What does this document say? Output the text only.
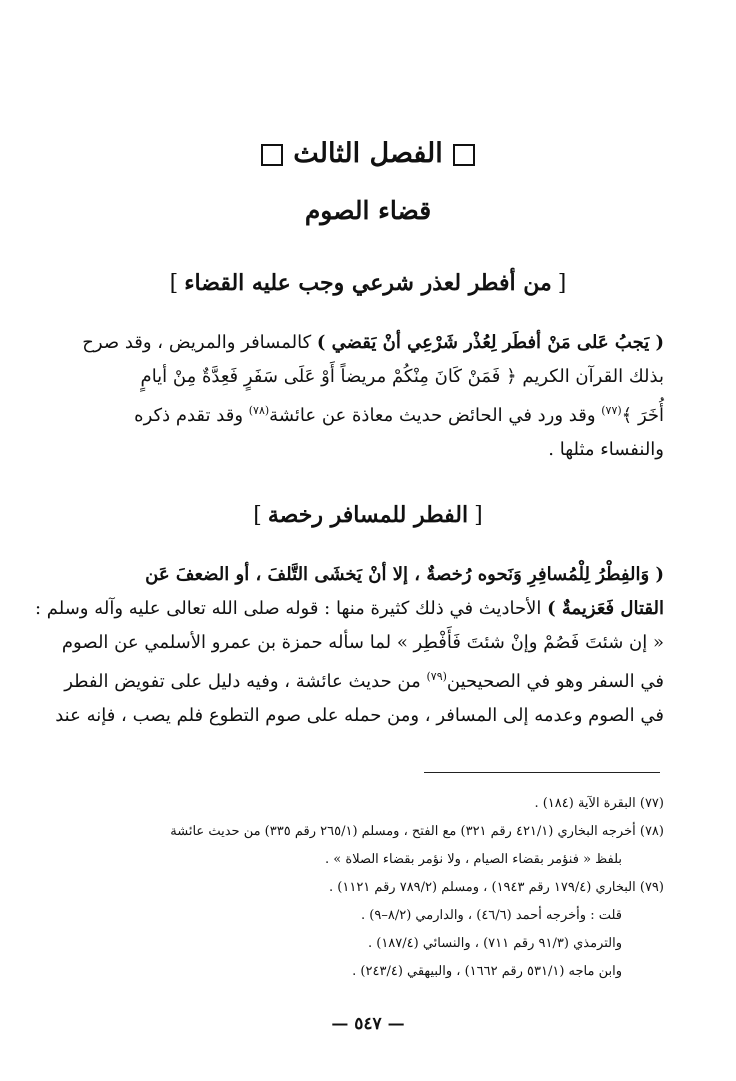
الفصل الثالث
قضاء الصوم
[من أفطر لعذر شرعي وجب عليه القضاء]
( يَجبُ عَلى مَنْ أفطَر لِعُذْر شَرْعِي أنْ يَقضي ) كالمسافر والمريض ، وقد صرح
بذلك القرآن الكريم ﴿ فَمَنْ كَانَ مِنْكُمْ مريضاً أَوْ عَلَى سَفَرٍ فَعِدَّةٌ مِنْ أيامٍ
أُخَرَ ﴾$^{(٧٧)}$ وقد ورد في الحائض حديث معاذة عن عائشة$^{(٧٨)}$ وقد تقدم ذكره
والنفساء مثلها .
[الفطر للمسافر رخصة]
( وَالفِطْرُ لِلْمُسافِرِ وَنَحوه رُخصةٌ ، إلا أنْ يَخشَى التَّلفَ ، أو الضعفَ عَن
القتال فَعَزيمةٌ ) الأحاديث في ذلك كثيرة منها : قوله صلى الله تعالى عليه وآله وسلم :
« إن شئتَ فَصُمْ وإنْ شئتَ فَأَفْطِر » لما سأله حمزة بن عمرو الأسلمي عن الصوم
في السفر وهو في الصحيحين$^{(٧٩)}$ من حديث عائشة ، وفيه دليل على تفويض الفطر
في الصوم وعدمه إلى المسافر ، ومن حمله على صوم التطوع فلم يصب ، فإنه عند
(٧٧) البقرة الآية (١٨٤) .
(٧٨) أخرجه البخاري (٤٢١/١ رقم ٣٢١) مع الفتح ، ومسلم (٢٦٥/١ رقم ٣٣٥) من حديث عائشة
بلفظ « فنؤمر بقضاء الصيام ، ولا نؤمر بقضاء الصلاة » .
(٧٩) البخاري (١٧٩/٤ رقم ١٩٤٣) ، ومسلم (٧٨٩/٢ رقم ١١٢١) .
قلت : وأخرجه أحمد (٤٦/٦) ، والدارمي (٨/٢–٩) .
والترمذي (٩١/٣ رقم ٧١١) ، والنسائي (١٨٧/٤) .
وابن ماجه (٥٣١/١ رقم ١٦٦٢) ، والبيهقي (٢٤٣/٤) .
— ٥٤٧ —
